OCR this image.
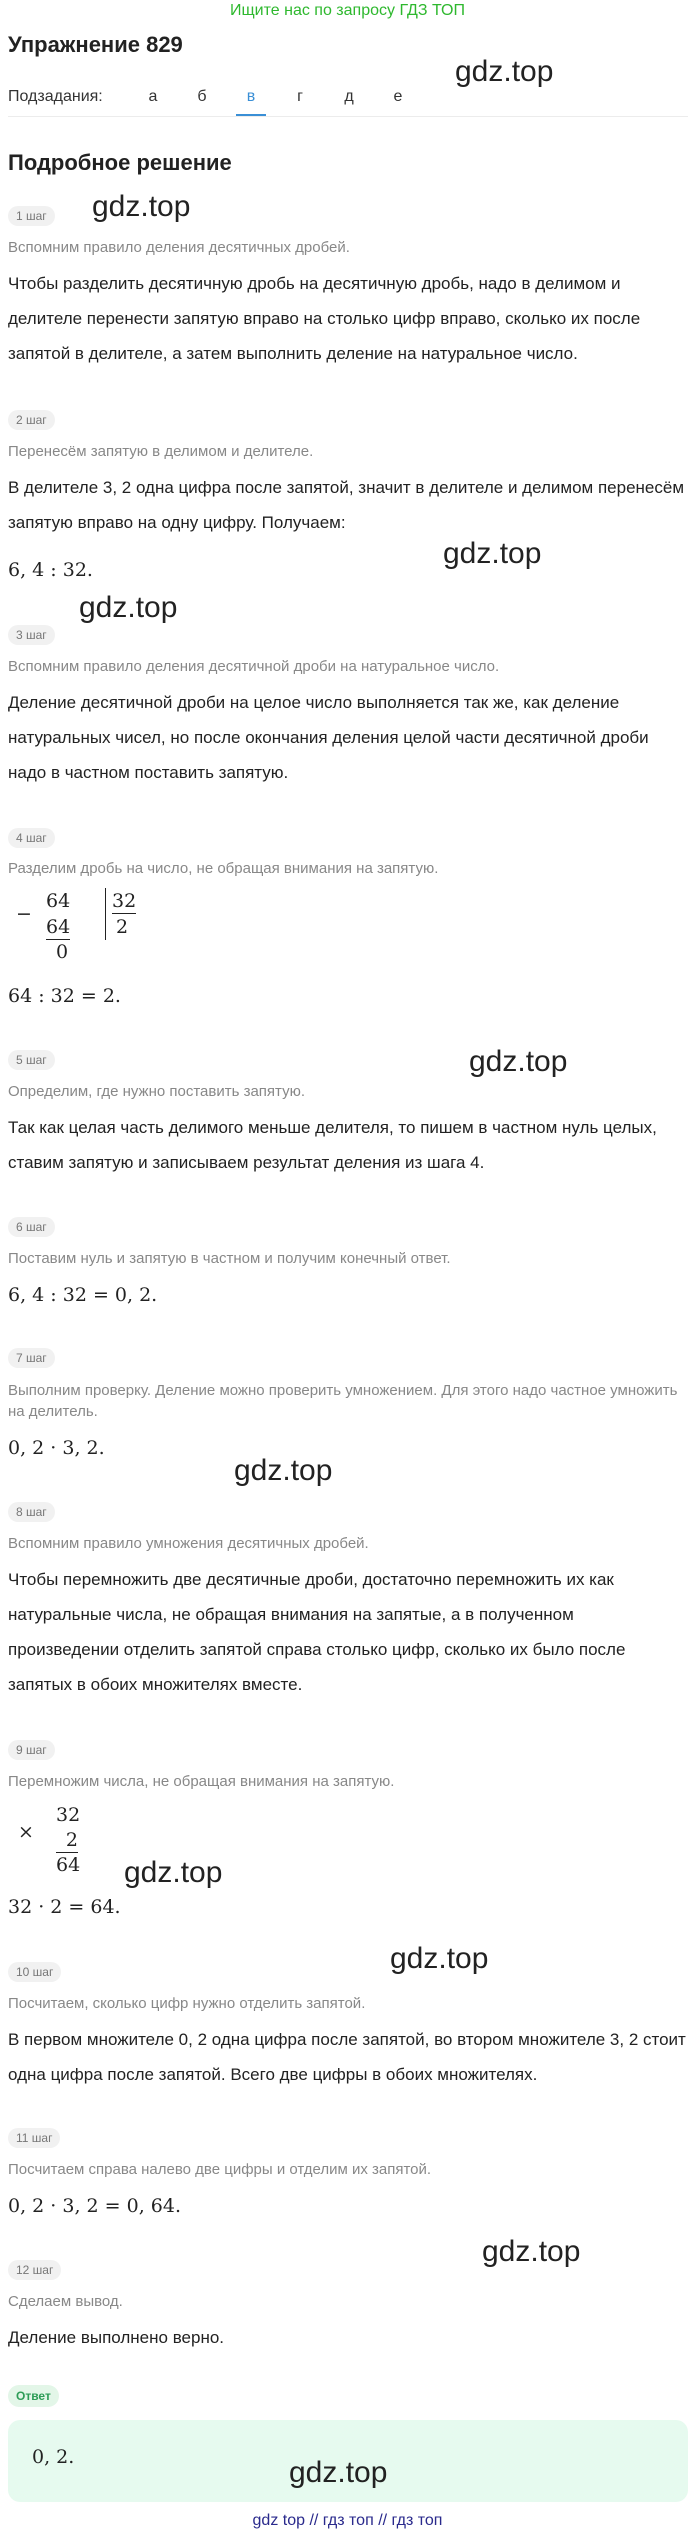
Ищите нас по запросу ГДЗ ТОП
Упражнение 829
gdz.top
Подзадания:	а	б	в	г	д	е
Подробное решение
gdz.top
1 шаг
Вспомним правило деления десятичных дробей.
Чтобы разделить десятичную дробь на десятичную дробь, надо в делимом и делителе перенести запятую вправо на столько цифр вправо, сколько их после запятой в делителе, а затем выполнить деление на натуральное число.
2 шаг
Перенесём запятую в делимом и делителе.
В делителе 3, 2 одна цифра после запятой, значит в делителе и делимом перенесём запятую вправо на одну цифру. Получаем:
6, 4 : 32.	gdz.top
gdz.top
3 шаг
Вспомним правило деления десятичной дроби на натуральное число.
Деление десятичной дроби на целое число выполняется так же, как деление натуральных чисел, но после окончания деления целой части десятичной дроби надо в частном поставить запятую.
4 шаг
Разделим дробь на число, не обращая внимания на запятую.
−
64
64
0
32
2
64 : 32 = 2.
gdz.top
5 шаг
Определим, где нужно поставить запятую.
Так как целая часть делимого меньше делителя, то пишем в частном нуль целых, ставим запятую и записываем результат деления из шага 4.
6 шаг
Поставим нуль и запятую в частном и получим конечный ответ.
6, 4 : 32 = 0, 2.
7 шаг
Выполним проверку. Деление можно проверить умножением. Для этого надо частное умножить на делитель.
0, 2 · 3, 2.
gdz.top
8 шаг
Вспомним правило умножения десятичных дробей.
Чтобы перемножить две десятичные дроби, достаточно перемножить их как натуральные числа, не обращая внимания на запятые, а в полученном произведении отделить запятой справа столько цифр, сколько их было после запятых в обоих множителях вместе.
9 шаг
Перемножим числа, не обращая внимания на запятую.
×
32
2
64 gdz.top
32 · 2 = 64.
gdz.top
10 шаг
Посчитаем, сколько цифр нужно отделить запятой.
В первом множителе 0, 2 одна цифра после запятой, во втором множителе 3, 2 стоит одна цифра после запятой. Всего две цифры в обоих множителях.
11 шаг
Посчитаем справа налево две цифры и отделим их запятой.
0, 2 · 3, 2 = 0, 64.
gdz.top
12 шаг
Сделаем вывод.
Деление выполнено верно.
Ответ
0, 2.	gdz.top
gdz top // гдз топ // гдз топ
